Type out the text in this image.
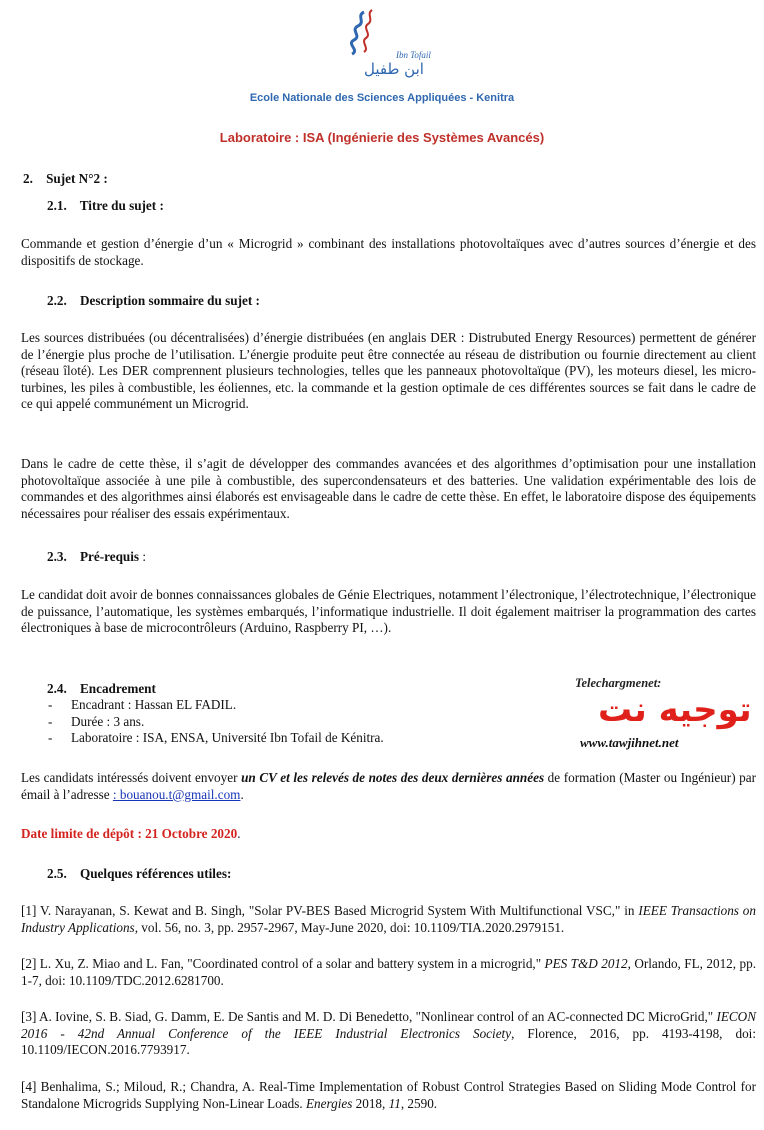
ابن طفيل
Ibn Tofail
Ecole Nationale des Sciences Appliquées - Kenitra
Laboratoire : ISA (Ingénierie des Systèmes Avancés)
2. Sujet N°2 :
2.1. Titre du sujet :
Commande et gestion d’énergie d’un « Microgrid » combinant des installations photovoltaïques avec d’autres sources d’énergie et des dispositifs de stockage.
2.2. Description sommaire du sujet :
Les sources distribuées (ou décentralisées) d’énergie distribuées (en anglais DER : Distrubuted Energy Resources) permettent de générer de l’énergie plus proche de l’utilisation. L’énergie produite peut être connectée au réseau de distribution ou fournie directement au client (réseau îloté). Les DER comprennent plusieurs technologies, telles que les panneaux photovoltaïque (PV), les moteurs diesel, les micro-turbines, les piles à combustible, les éoliennes, etc. la commande et la gestion optimale de ces différentes sources se fait dans le cadre de ce qui appelé communément un Microgrid.
Dans le cadre de cette thèse, il s’agit de développer des commandes avancées et des algorithmes d’optimisation pour une installation photovoltaïque associée à une pile à combustible, des supercondensateurs et des batteries. Une validation expérimentable des lois de commandes et des algorithmes ainsi élaborés est envisageable dans le cadre de cette thèse. En effet, le laboratoire dispose des équipements nécessaires pour réaliser des essais expérimentaux.
2.3. Pré-requis :
Le candidat doit avoir de bonnes connaissances globales de Génie Electriques, notamment l’électronique, l’électrotechnique, l’électronique de puissance, l’automatique, les systèmes embarqués, l’informatique industrielle. Il doit également maitriser la programmation des cartes électroniques à base de microcontrôleurs (Arduino, Raspberry PI, …).
2.4. Encadrement
- Encadrant : Hassan EL FADIL.
- Durée : 3 ans.
- Laboratoire : ISA, ENSA, Université Ibn Tofail de Kénitra.
Telechargmenet:
توجيه نت
www.tawjihnet.net
Les candidats intéressés doivent envoyer un CV et les relevés de notes des deux dernières années de formation (Master ou Ingénieur) par émail à l’adresse : bouanou.t@gmail.com.
Date limite de dépôt : 21 Octobre 2020.
2.5. Quelques références utiles:
[1] V. Narayanan, S. Kewat and B. Singh, "Solar PV-BES Based Microgrid System With Multifunctional VSC," in IEEE Transactions on Industry Applications, vol. 56, no. 3, pp. 2957-2967, May-June 2020, doi: 10.1109/TIA.2020.2979151.
[2] L. Xu, Z. Miao and L. Fan, "Coordinated control of a solar and battery system in a microgrid," PES T&D 2012, Orlando, FL, 2012, pp. 1-7, doi: 10.1109/TDC.2012.6281700.
[3] A. Iovine, S. B. Siad, G. Damm, E. De Santis and M. D. Di Benedetto, "Nonlinear control of an AC-connected DC MicroGrid," IECON 2016 - 42nd Annual Conference of the IEEE Industrial Electronics Society, Florence, 2016, pp. 4193-4198, doi: 10.1109/IECON.2016.7793917.
[4] Benhalima, S.; Miloud, R.; Chandra, A. Real-Time Implementation of Robust Control Strategies Based on Sliding Mode Control for Standalone Microgrids Supplying Non-Linear Loads. Energies 2018, 11, 2590.
